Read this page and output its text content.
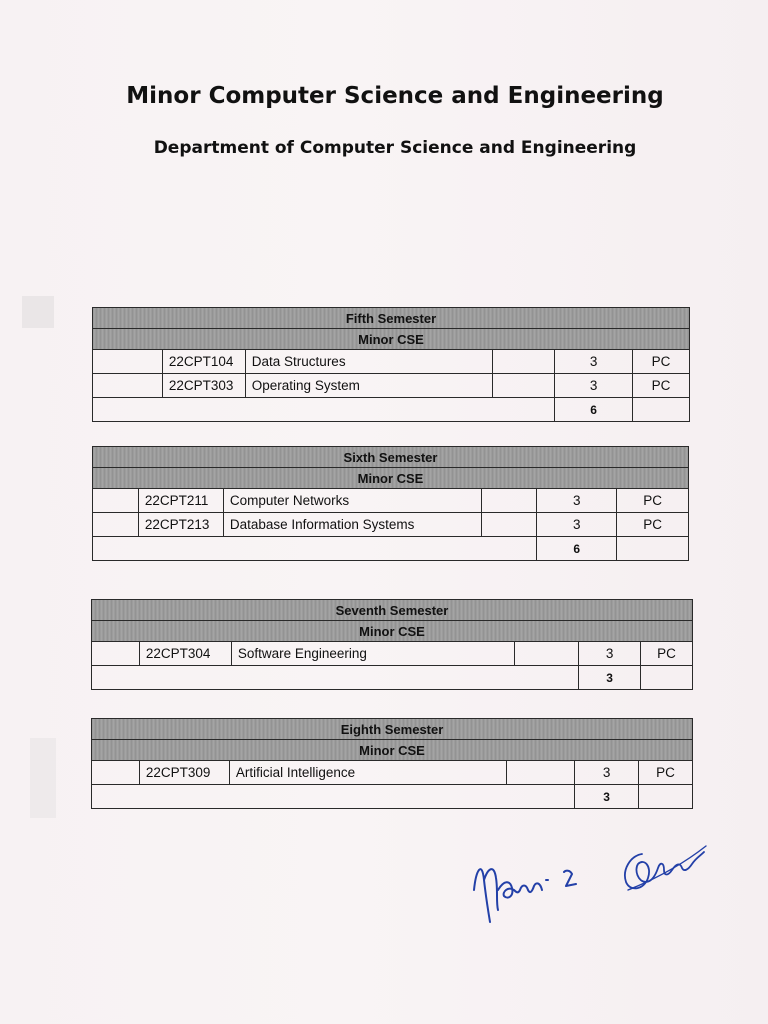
Minor Computer Science and Engineering
Department of Computer Science and Engineering
Fifth Semester					
Minor CSE					
	22CPT104	Data Structures		3	PC
	22CPT303	Operating System		3	PC
				6	
Sixth Semester					
Minor CSE					
	22CPT211	Computer Networks		3	PC
	22CPT213	Database Information Systems		3	PC
				6	
Seventh Semester					
Minor CSE					
	22CPT304	Software Engineering		3	PC
				3	
Eighth Semester					
Minor CSE					
	22CPT309	Artificial Intelligence		3	PC
				3	
